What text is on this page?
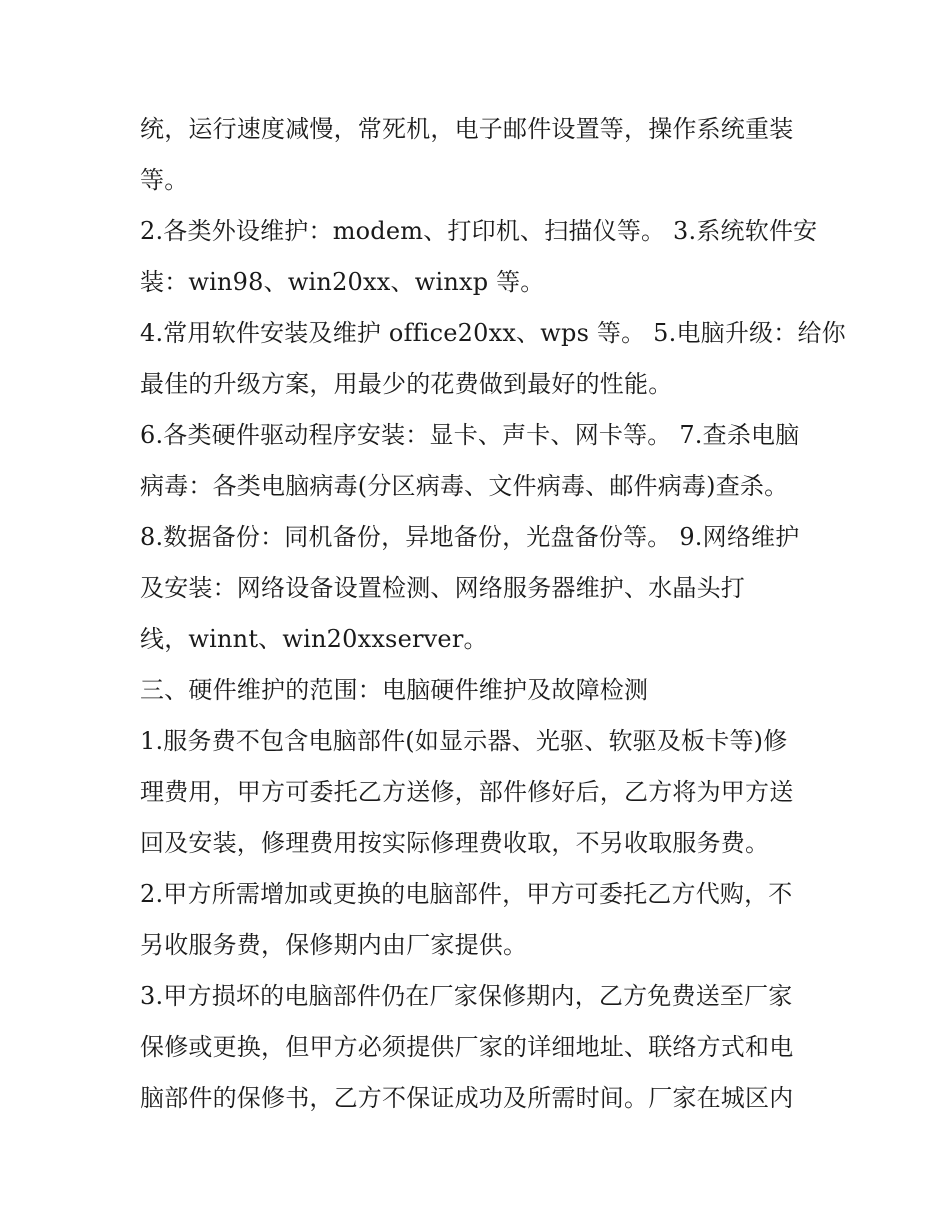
统，运行速度减慢，常死机，电子邮件设置等，操作系统重装
等。
2.各类外设维护：modem、打印机、扫描仪等。 3.系统软件安
装：win98、win20xx、winxp 等。
4.常用软件安装及维护 office20xx、wps 等。 5.电脑升级：给你
最佳的升级方案，用最少的花费做到最好的性能。
6.各类硬件驱动程序安装：显卡、声卡、网卡等。 7.查杀电脑
病毒：各类电脑病毒(分区病毒、文件病毒、邮件病毒)查杀。
8.数据备份：同机备份，异地备份，光盘备份等。 9.网络维护
及安装：网络设备设置检测、网络服务器维护、水晶头打
线，winnt、win20xxserver。
三、硬件维护的范围：电脑硬件维护及故障检测
1.服务费不包含电脑部件(如显示器、光驱、软驱及板卡等)修
理费用，甲方可委托乙方送修，部件修好后，乙方将为甲方送
回及安装，修理费用按实际修理费收取，不另收取服务费。
2.甲方所需增加或更换的电脑部件，甲方可委托乙方代购，不
另收服务费，保修期内由厂家提供。
3.甲方损坏的电脑部件仍在厂家保修期内，乙方免费送至厂家
保修或更换，但甲方必须提供厂家的详细地址、联络方式和电
脑部件的保修书，乙方不保证成功及所需时间。厂家在城区内
